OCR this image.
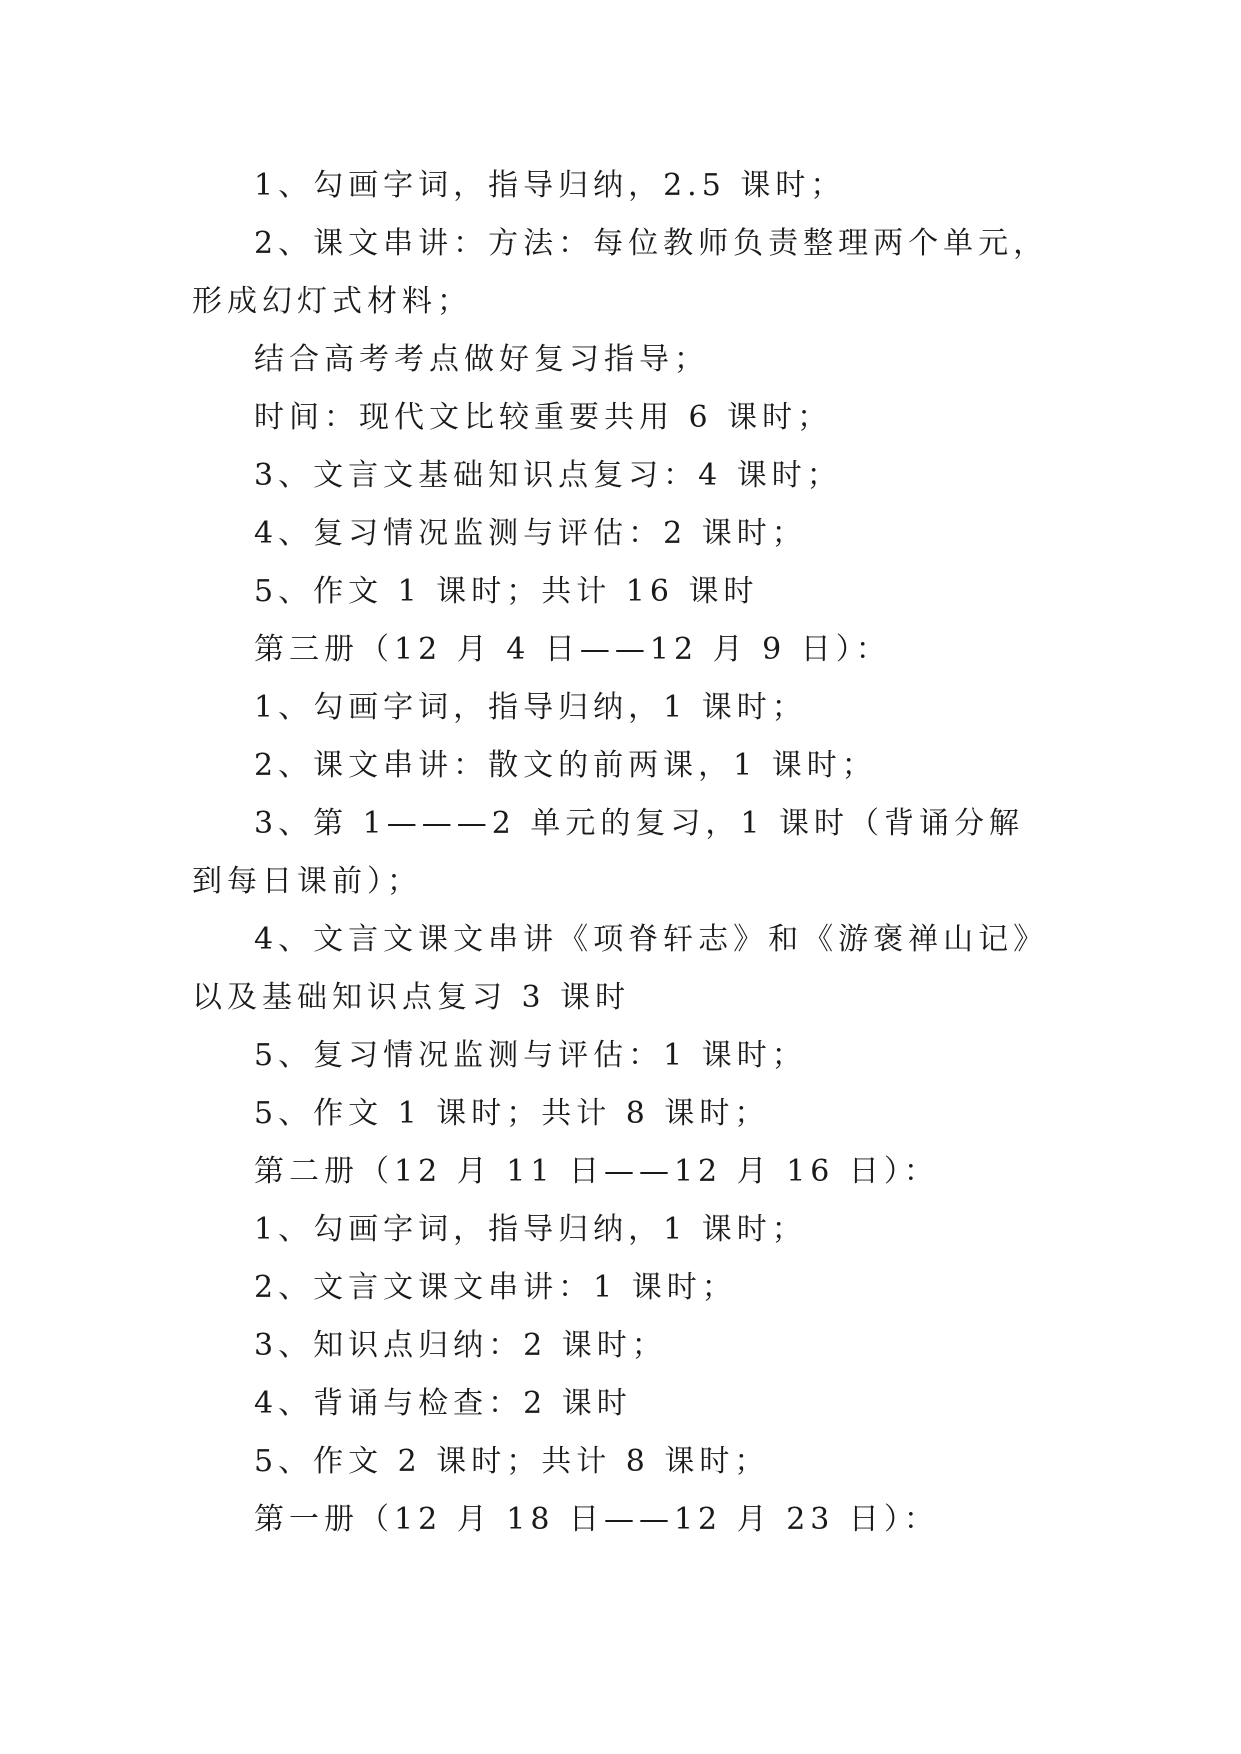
1、勾画字词，指导归纳，2.5 课时；

2、课文串讲：方法：每位教师负责整理两个单元，形成幻灯式材料；

结合高考考点做好复习指导；

时间：现代文比较重要共用 6 课时；

3、文言文基础知识点复习：4 课时；

4、复习情况监测与评估：2 课时；

5、作文 1 课时；共计 16 课时

第三册（12 月 4 日——12 月 9 日）：

1、勾画字词，指导归纳，1 课时；

2、课文串讲：散文的前两课，1 课时；

3、第 1———2 单元的复习，1 课时（背诵分解到每日课前）；

4、文言文课文串讲《项脊轩志》和《游褒禅山记》以及基础知识点复习 3 课时

5、复习情况监测与评估：1 课时；

5、作文 1 课时；共计 8 课时；

第二册（12 月 11 日——12 月 16 日）：

1、勾画字词，指导归纳，1 课时；

2、文言文课文串讲：1 课时；

3、知识点归纳：2 课时；

4、背诵与检查：2 课时

5、作文 2 课时；共计 8 课时；

第一册（12 月 18 日——12 月 23 日）：
